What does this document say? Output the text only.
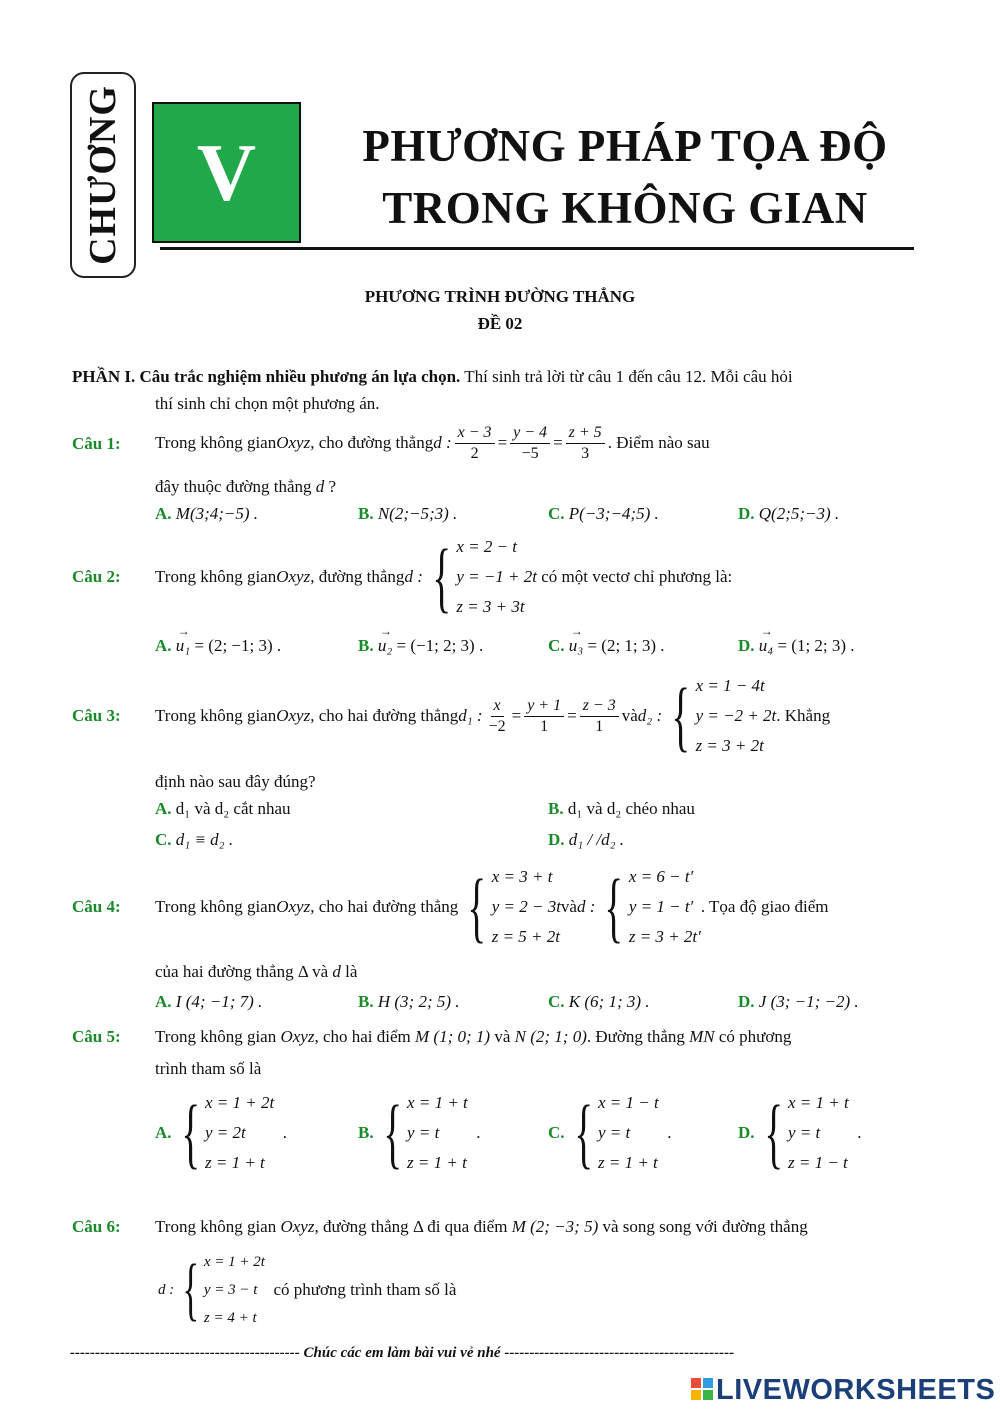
CHƯƠNG V	PHƯƠNG PHÁP TỌA ĐỘ
TRONG KHÔNG GIAN
PHƯƠNG TRÌNH ĐƯỜNG THẲNG
ĐỀ 02
PHẦN I. Câu trắc nghiệm nhiều phương án lựa chọn. Thí sinh trả lời từ câu 1 đến câu 12. Mỗi câu hỏi
thí sinh chỉ chọn một phương án.
Câu 1: Trong không gian Oxyz , cho đường thẳng d : $\frac{x - 3}{2} = \frac{y - 4}{-5} = \frac{z + 5}{3}$ . Điểm nào sau
đây thuộc đường thẳng d ?
A. M(3;4;−5) .	B. N(2;−5;3) .	C. P(−3;−4;5) .	D. Q(2;5;−3) .
Câu 2: Trong không gian Oxyz , đường thẳng d : { x = 2 − t
y = −1 + 2t
z = 3 + 3t

có một vectơ chỉ phương là:
A. → u₁ = (2; −1; 3) .	B. → u₂ = (−1; 2; 3) .	C. → u₃ = (2; 1; 3) .	D. → u₄ = (1; 2; 3) .
Câu 3: Trong không gian Oxyz , cho hai đường thẳng d₁ : $\frac{x}{-2} = \frac{y + 1}{1} = \frac{z - 3}{1}$ và d₂ : { x = 1 − 4t
y = −2 + 2t
z = 3 + 2t
. Khẳng
định nào sau đây đúng?
A. d₁ và d₂ cắt nhau	B. d₁ và d₂ chéo nhau
C. d₁ ≡ d₂ .	D. d₁ / /d₂ .
Câu 4: Trong không gian Oxyz , cho hai đường thẳng { x = 3 + t
y = 2 − 3t
z = 5 + 2t
và d : { x = 6 − t′
y = 1 − t′
z = 3 + 2t′
. Tọa độ giao điểm
của hai đường thẳng Δ và d là
A. I (4; −1; 7) .	B. H (3; 2; 5) .	C. K (6; 1; 3) .	D. J (3; −1; −2) .
Câu 5: Trong không gian Oxyz, cho hai điểm M (1; 0; 1) và N (2; 1; 0). Đường thẳng MN có phương
trình tham số là
A. { x = 1 + 2t
y = 2t
z = 1 + t

.	B. { x = 1 + t
y = t
z = 1 + t

.	C. { x = 1 − t
y = t
z = 1 + t

.	D. { x = 1 + t
y = t
z = 1 − t

.
Câu 6: Trong không gian Oxyz, đường thẳng Δ đi qua điểm M (2; −3; 5) và song song với đường thẳng
d : { x = 1 + 2t
y = 3 − t
z = 4 + t

có phương trình tham số là
---------------------------------------------- Chúc các em làm bài vui vẻ nhé ----------------------------------------------
LIVEWORKSHEETS
